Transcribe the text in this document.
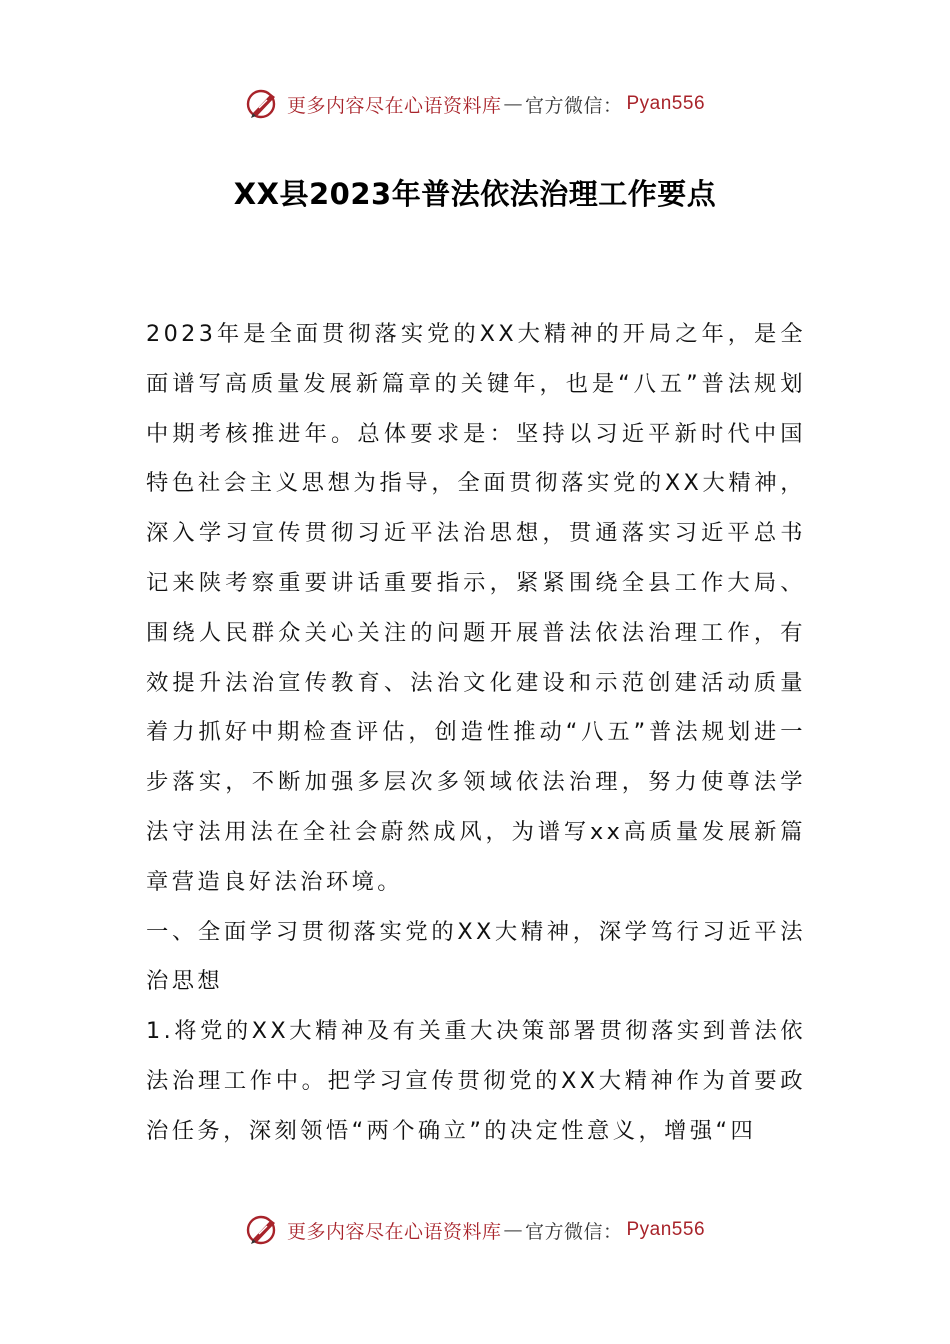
更多内容尽在心语资料库 — 官方微信： Pyan556
XX县2023年普法依法治理工作要点

2023年是全面贯彻落实党的XX大精神的开局之年，是全面谱写高质量发展新篇章的关键年，也是“八五”普法规划中期考核推进年。总体要求是：坚持以习近平新时代中国特色社会主义思想为指导，全面贯彻落实党的XX大精神，深入学习宣传贯彻习近平法治思想，贯通落实习近平总书记来陕考察重要讲话重要指示，紧紧围绕全县工作大局、围绕人民群众关心关注的问题开展普法依法治理工作，有效提升法治宣传教育、法治文化建设和示范创建活动质量着力抓好中期检查评估，创造性推动“八五”普法规划进一步落实，不断加强多层次多领域依法治理，努力使尊法学法守法用法在全社会蔚然成风，为谱写xx高质量发展新篇章营造良好法治环境。

一、全面学习贯彻落实党的XX大精神，深学笃行习近平法治思想

1.将党的XX大精神及有关重大决策部署贯彻落实到普法依法治理工作中。把学习宣传贯彻党的XX大精神作为首要政治任务，深刻领悟“两个确立”的决定性意义，增强“四

更多内容尽在心语资料库 — 官方微信： Pyan556
